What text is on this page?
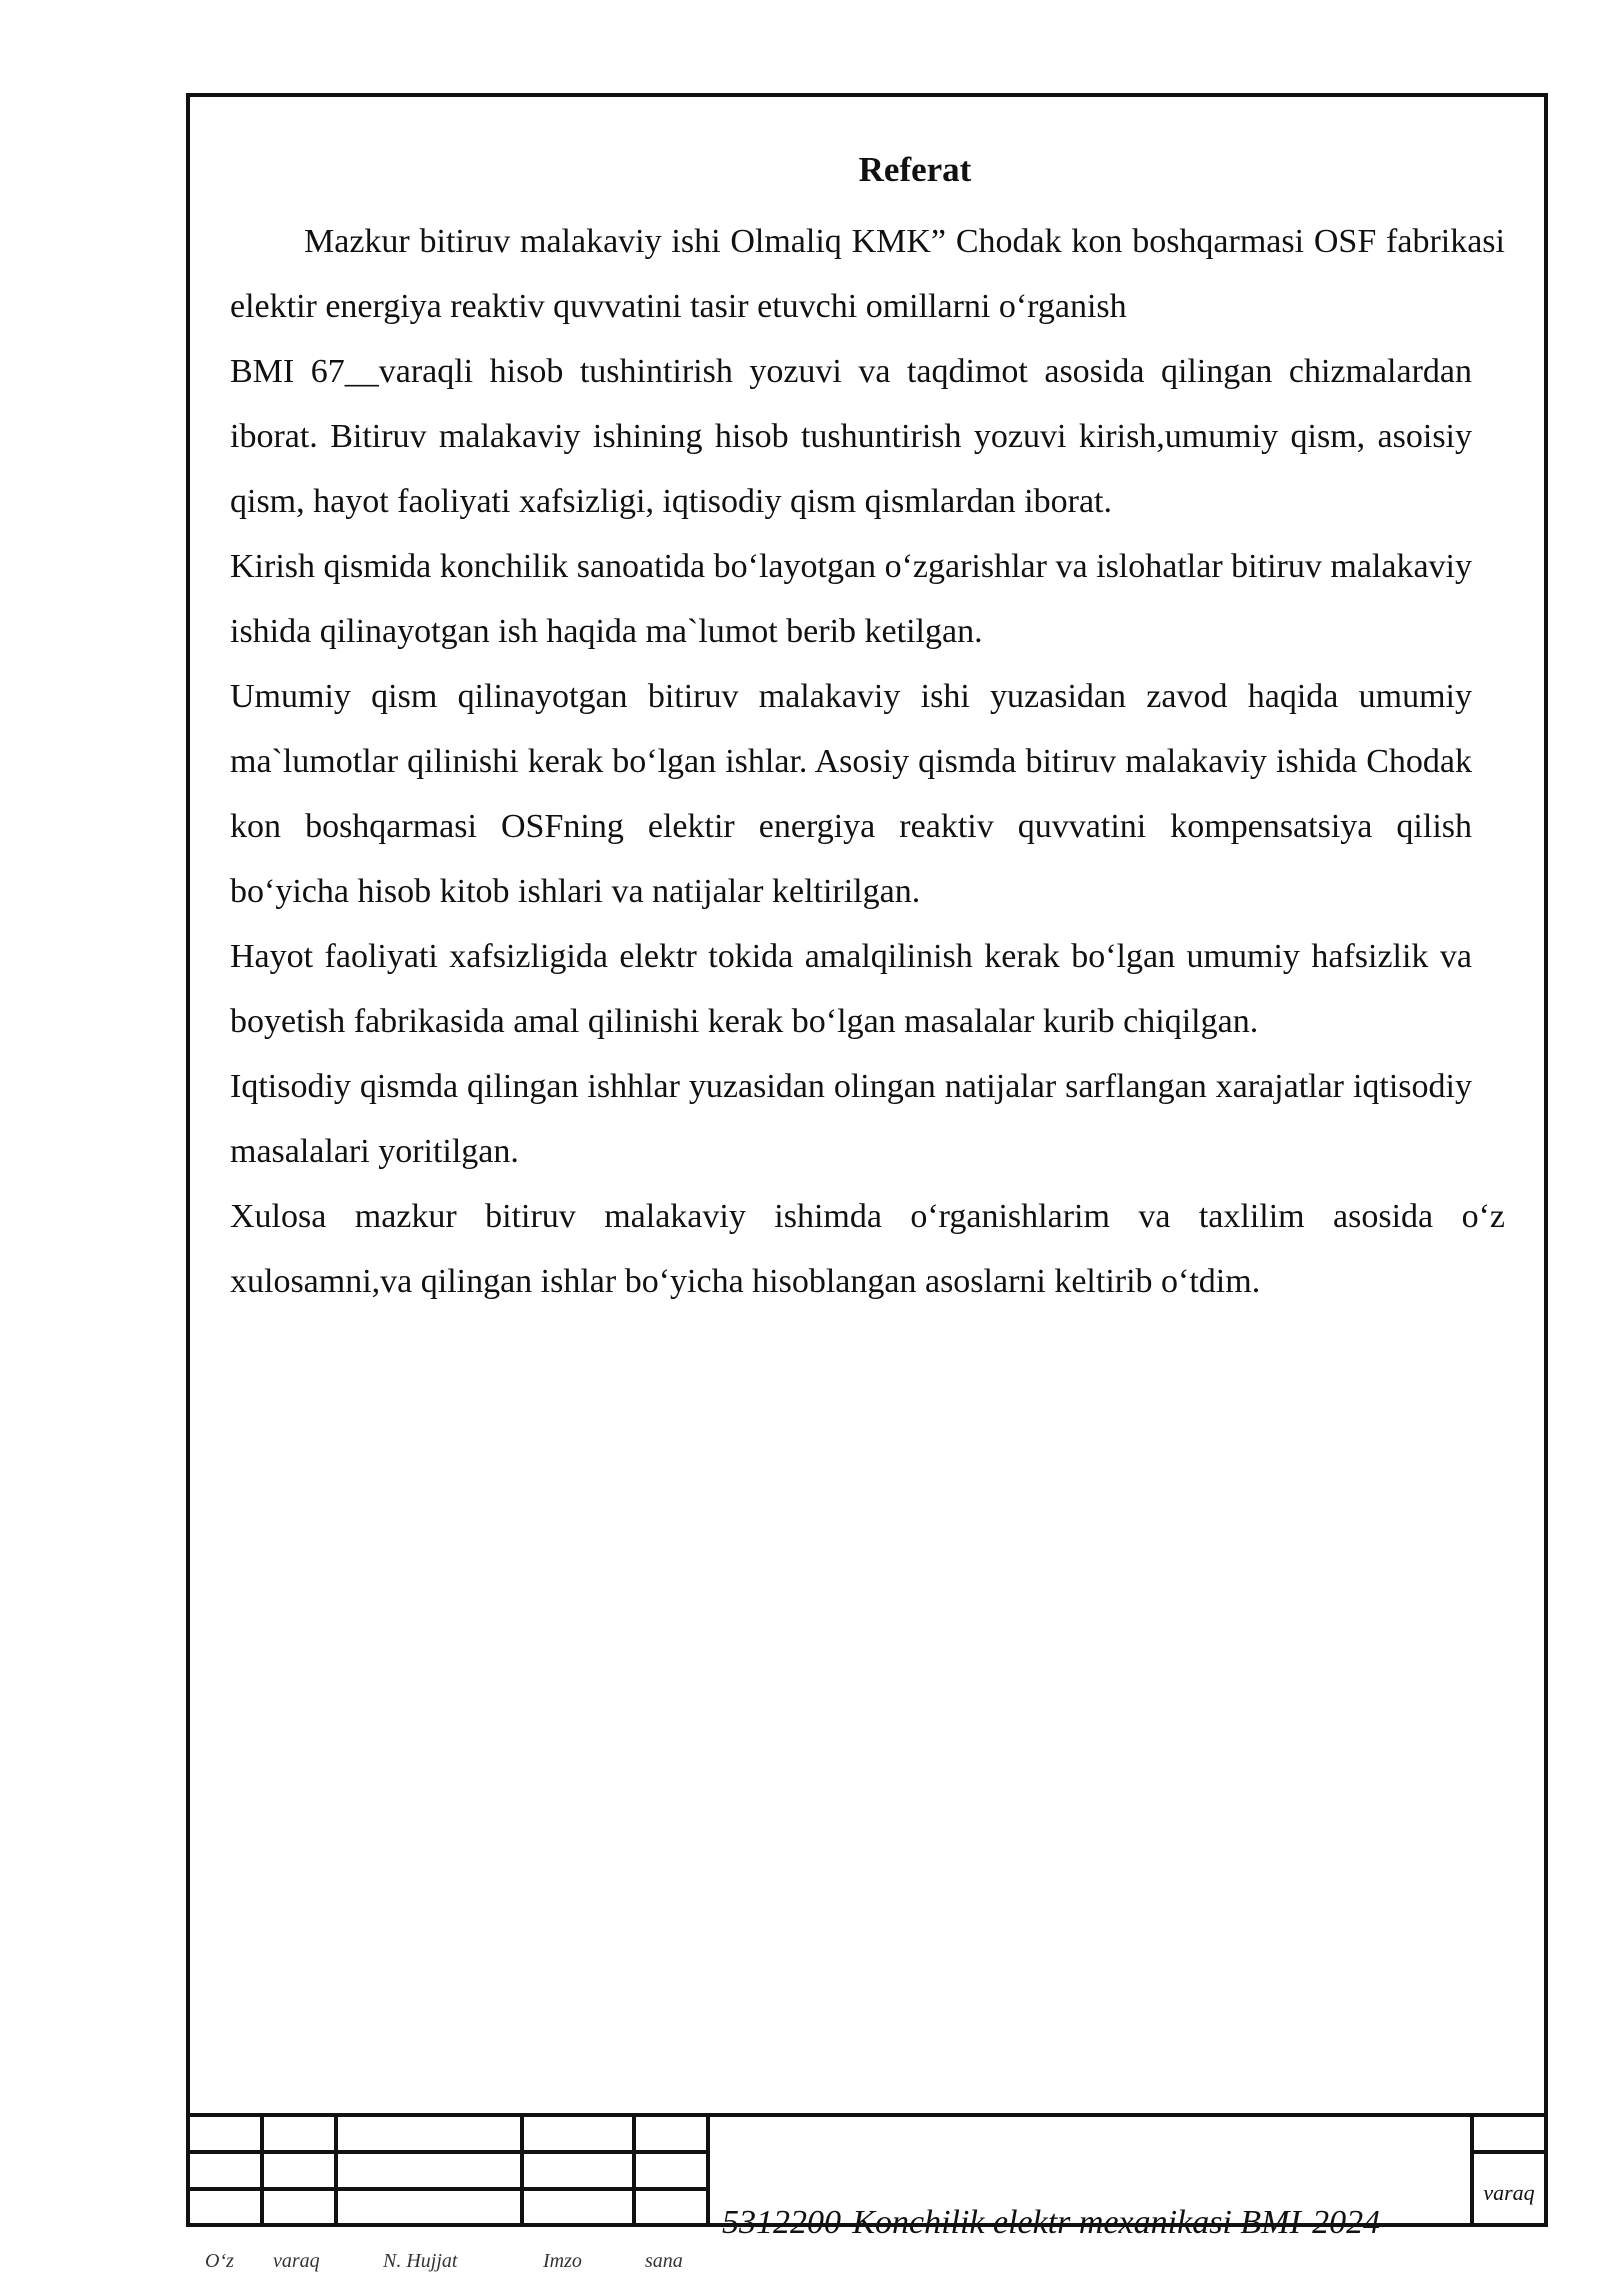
Referat

Mazkur bitiruv malakaviy ishi Olmaliq KMK” Chodak kon boshqarmasi OSF fabrikasi elektir energiya reaktiv quvvatini tasir etuvchi omillarni o‘rganish

BMI 67__varaqli hisob tushintirish yozuvi va taqdimot asosida qilingan chizmalardan iborat. Bitiruv malakaviy ishining hisob tushuntirish yozuvi kirish,umumiy qism, asoisiy qism, hayot faoliyati xafsizligi, iqtisodiy qism qismlardan iborat.

Kirish qismida konchilik sanoatida bo‘layotgan o‘zgarishlar va islohatlar bitiruv malakaviy ishida qilinayotgan ish haqida ma`lumot berib ketilgan.

Umumiy qism qilinayotgan bitiruv malakaviy ishi yuzasidan zavod haqida umumiy ma`lumotlar qilinishi kerak bo‘lgan ishlar. Asosiy qismda bitiruv malakaviy ishida Chodak kon boshqarmasi OSFning elektir energiya reaktiv quvvatini kompensatsiya qilish bo‘yicha hisob kitob ishlari va natijalar keltirilgan.

Hayot faoliyati xafsizligida elektr tokida amalqilinish kerak bo‘lgan umumiy hafsizlik va boyetish fabrikasida amal qilinishi kerak bo‘lgan masalalar kurib chiqilgan.

Iqtisodiy qismda qilingan ishhlar yuzasidan olingan natijalar sarflangan xarajatlar iqtisodiy masalalari yoritilgan.

Xulosa mazkur bitiruv malakaviy ishimda o‘rganishlarim va taxlilim asosida o‘z xulosamni,va qilingan ishlar bo‘yicha hisoblangan asoslarni keltirib o‘tdim.

varaq
5312200-Konchilik elektr mexanikasi BMI-2024
O‘z varaq	N. Hujjat	Imzo	sana
